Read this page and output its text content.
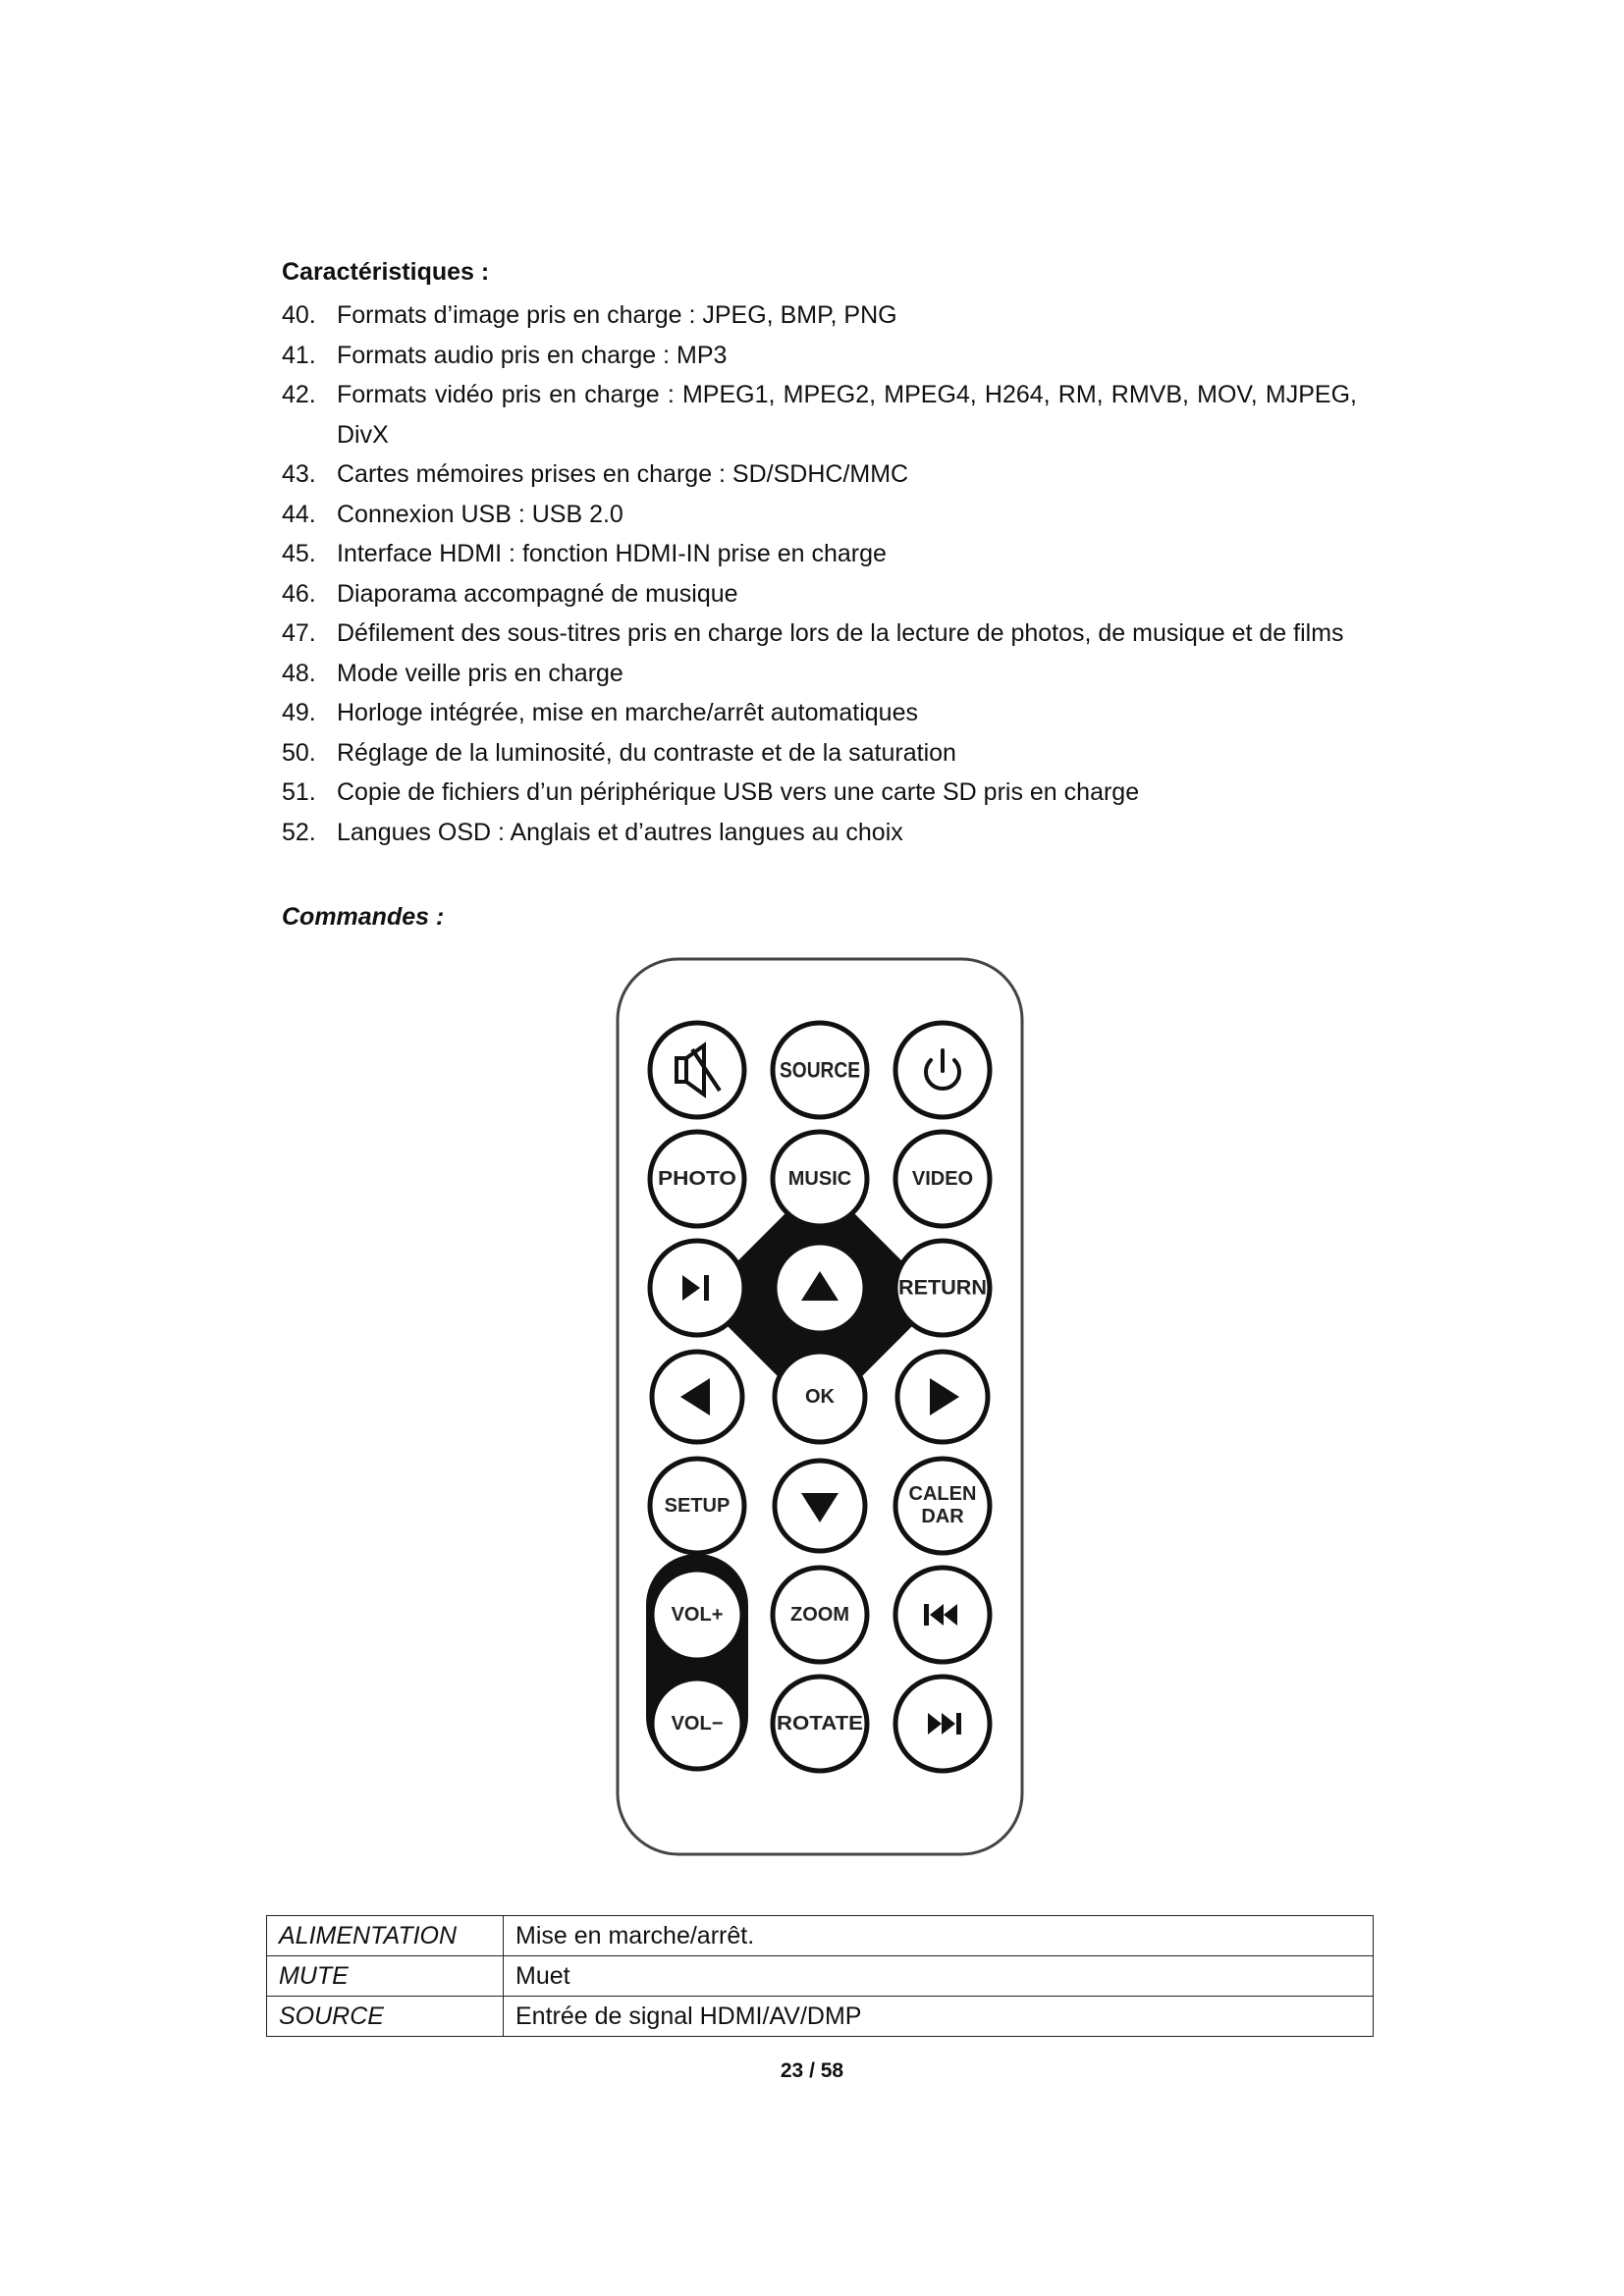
Caractéristiques :
40. Formats d’image pris en charge : JPEG, BMP, PNG
41. Formats audio pris en charge : MP3
42. Formats vidéo pris en charge : MPEG1, MPEG2, MPEG4, H264, RM, RMVB, MOV, MJPEG, DivX
43. Cartes mémoires prises en charge : SD/SDHC/MMC
44. Connexion USB : USB 2.0
45. Interface HDMI : fonction HDMI-IN prise en charge
46. Diaporama accompagné de musique
47. Défilement des sous-titres pris en charge lors de la lecture de photos, de musique et de films
48. Mode veille pris en charge
49. Horloge intégrée, mise en marche/arrêt automatiques
50. Réglage de la luminosité, du contraste et de la saturation
51. Copie de fichiers d’un périphérique USB vers une carte SD pris en charge
52. Langues OSD : Anglais et d’autres langues au choix
Commandes :
SOURCE
PHOTO	MUSIC	VIDEO
RETURN
OK
SETUP
CALEN
DAR
VOL+	ZOOM
VOL−	ROTATE
ALIMENTATION	Mise en marche/arrêt.
MUTE	Muet
SOURCE	Entrée de signal HDMI/AV/DMP
23 / 58
